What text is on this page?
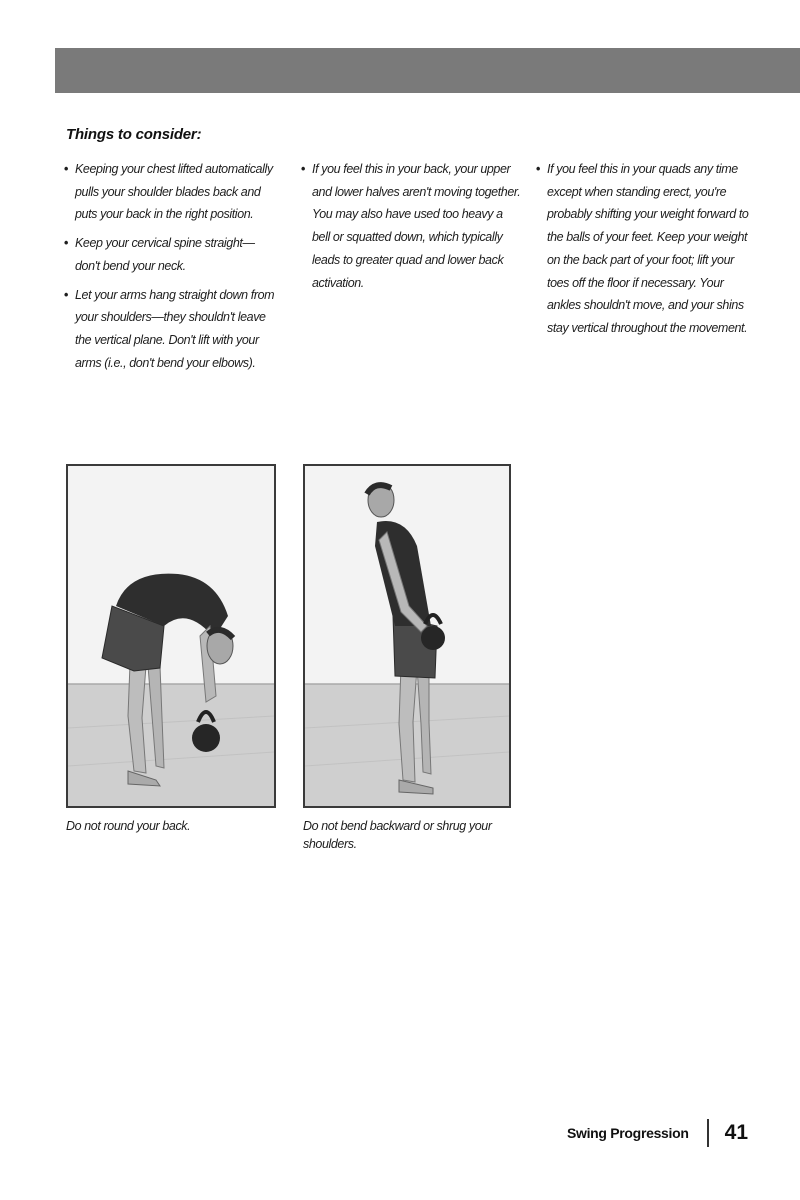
Things to consider:
• Keeping your chest lifted automatically pulls your shoulder blades back and puts your back in the right position.
• Keep your cervical spine straight—don't bend your neck.
• Let your arms hang straight down from your shoulders—they shouldn't leave the vertical plane. Don't lift with your arms (i.e., don't bend your elbows).
• If you feel this in your back, your upper and lower halves aren't moving together. You may also have used too heavy a bell or squatted down, which typically leads to greater quad and lower back activation.
• If you feel this in your quads any time except when standing erect, you're probably shifting your weight forward to the balls of your feet. Keep your weight on the back part of your foot; lift your toes off the floor if necessary. Your ankles shouldn't move, and your shins stay vertical throughout the movement.

Do not round your back.	Do not bend backward or shrug your shoulders.

Swing Progression 41
